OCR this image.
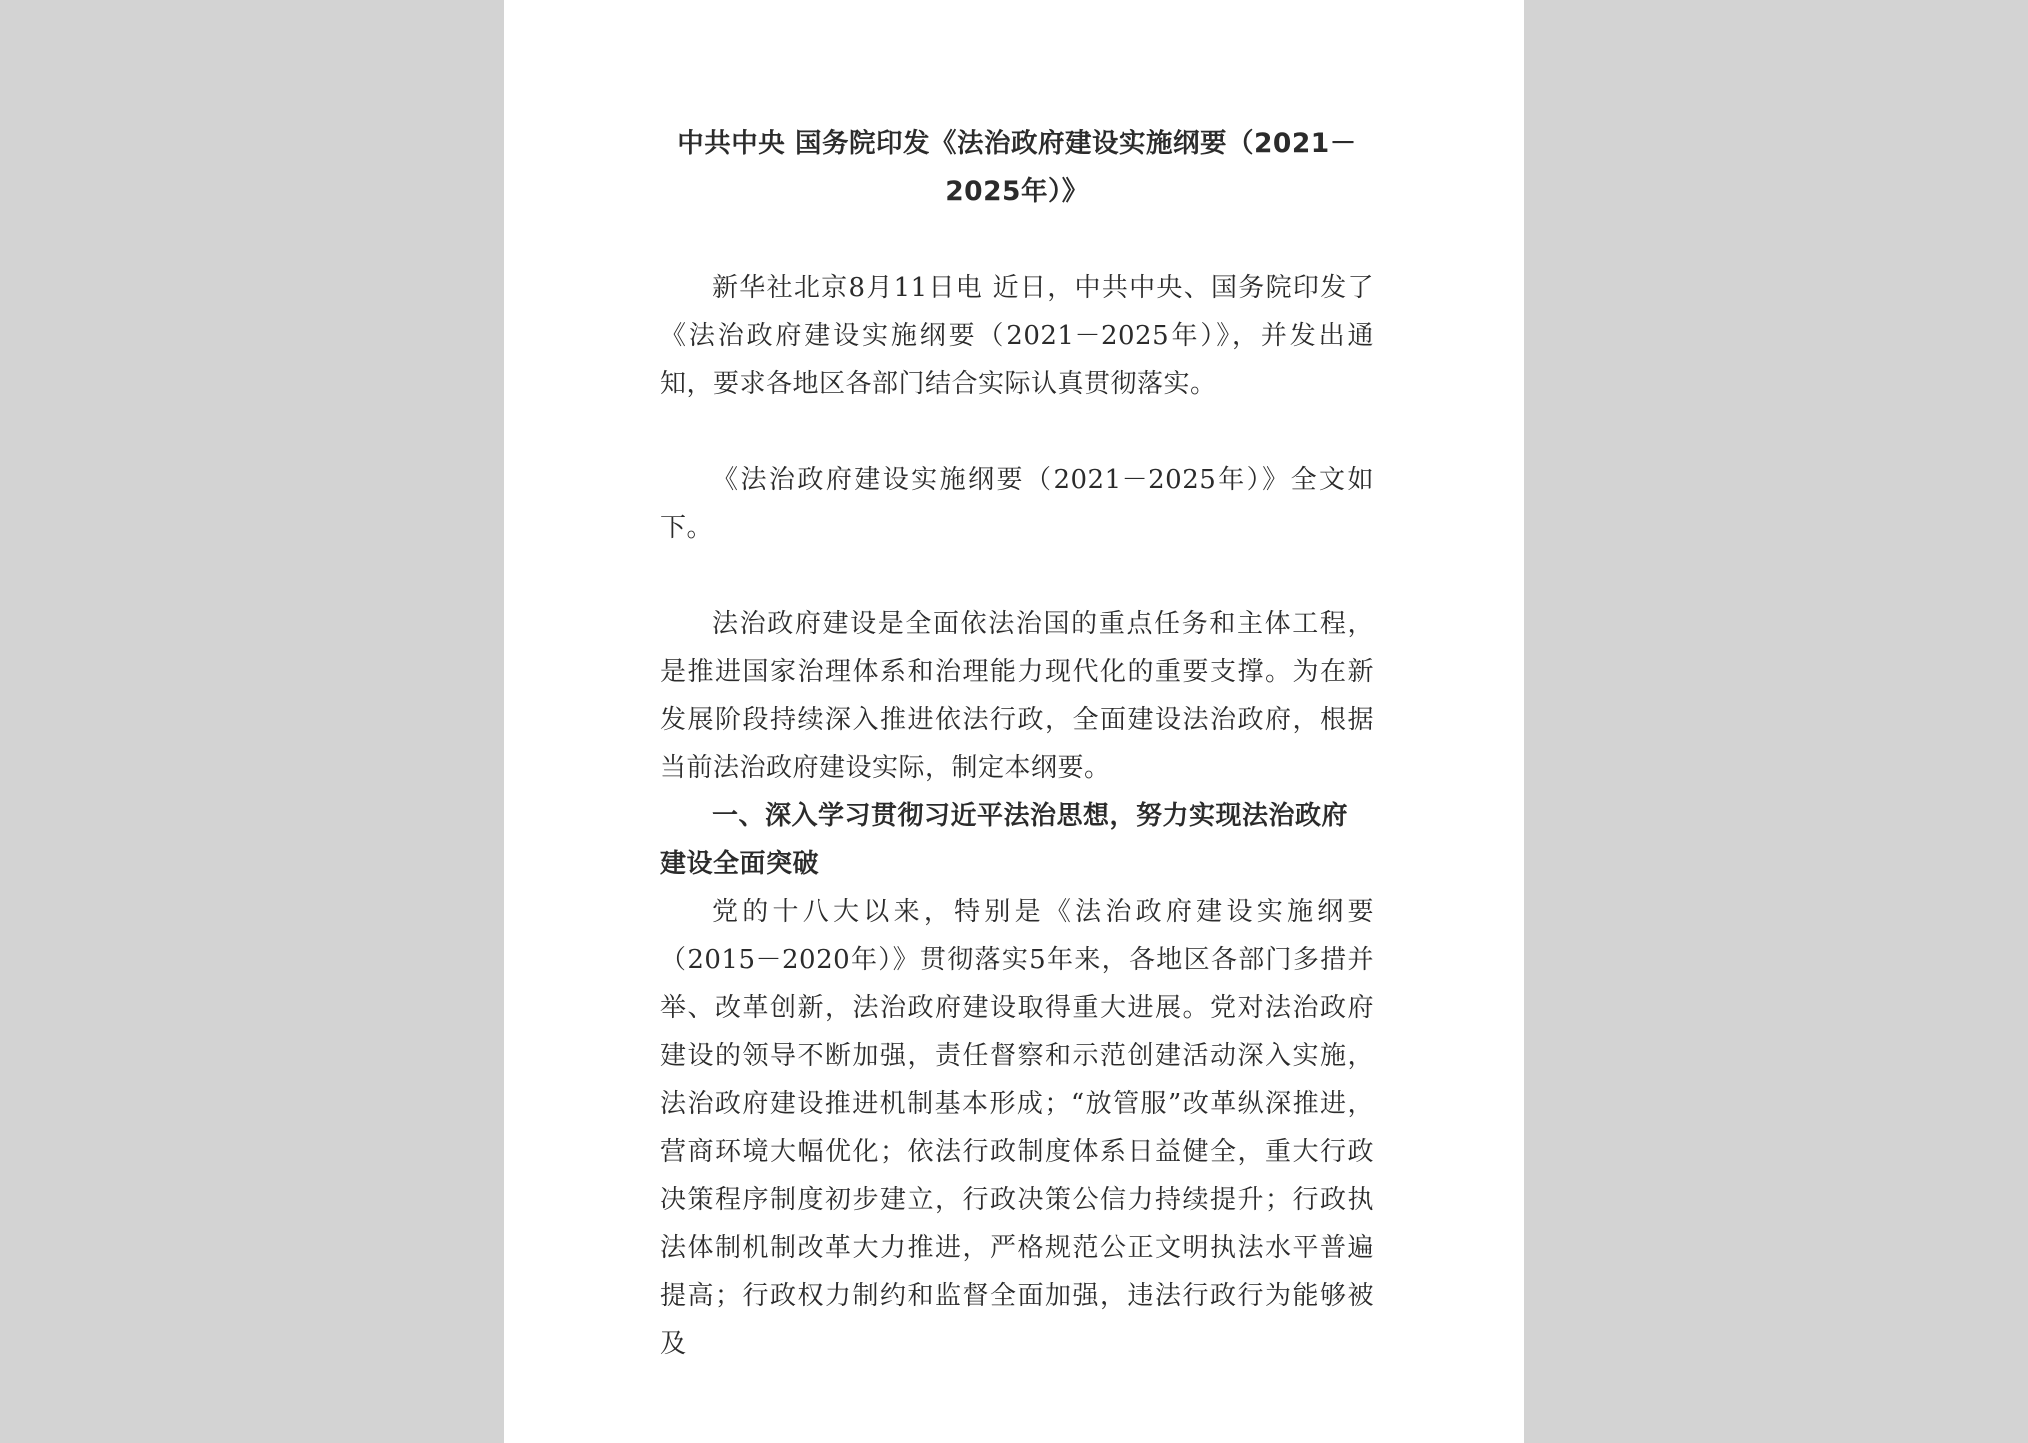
中共中央 国务院印发《法治政府建设实施纲要（2021－2025年）》

新华社北京8月11日电 近日，中共中央、国务院印发了《法治政府建设实施纲要（2021－2025年）》，并发出通知，要求各地区各部门结合实际认真贯彻落实。

《法治政府建设实施纲要（2021－2025年）》全文如下。

法治政府建设是全面依法治国的重点任务和主体工程，是推进国家治理体系和治理能力现代化的重要支撑。为在新发展阶段持续深入推进依法行政，全面建设法治政府，根据当前法治政府建设实际，制定本纲要。

一、深入学习贯彻习近平法治思想，努力实现法治政府建设全面突破

党的十八大以来，特别是《法治政府建设实施纲要（2015－2020年）》贯彻落实5年来，各地区各部门多措并举、改革创新，法治政府建设取得重大进展。党对法治政府建设的领导不断加强，责任督察和示范创建活动深入实施，法治政府建设推进机制基本形成；“放管服”改革纵深推进，营商环境大幅优化；依法行政制度体系日益健全，重大行政决策程序制度初步建立，行政决策公信力持续提升；行政执法体制机制改革大力推进，严格规范公正文明执法水平普遍提高；行政权力制约和监督全面加强，违法行政行为能够被及
